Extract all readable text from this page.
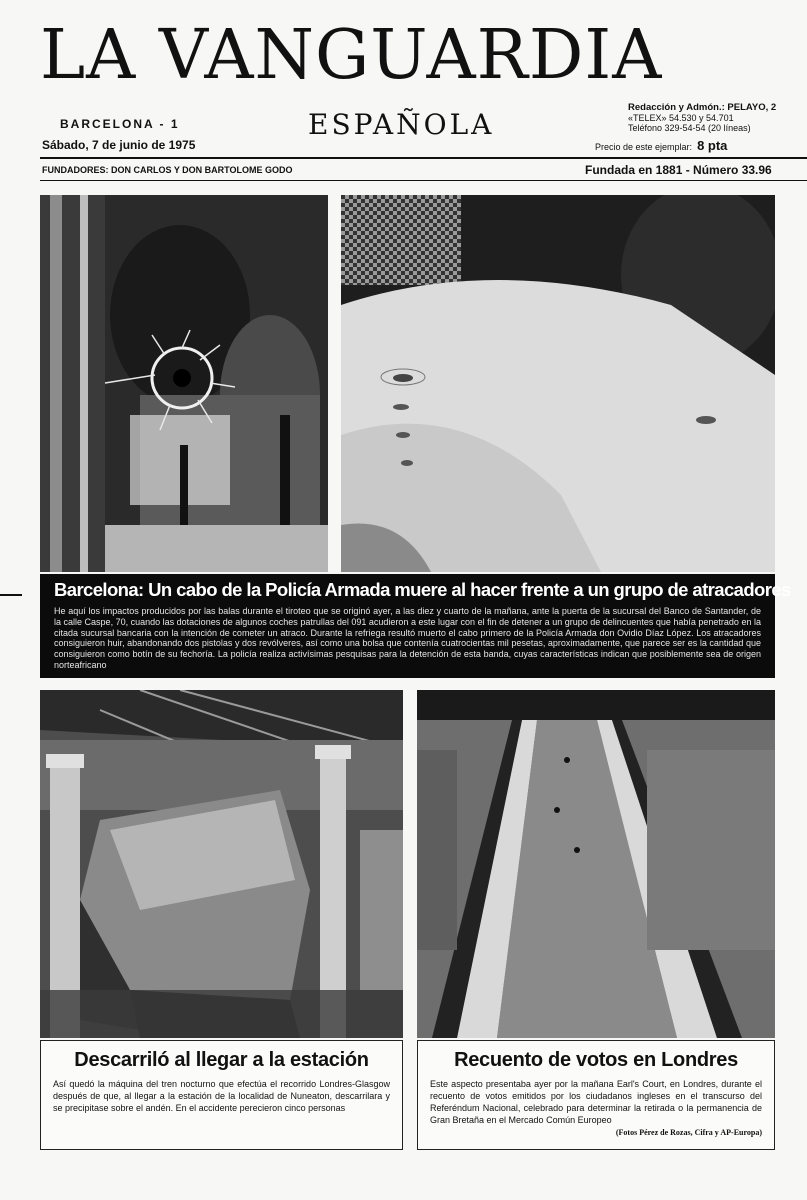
LA VANGUARDIA
ESPAÑOLA
BARCELONA - 1
Sábado, 7 de junio de 1975
Redacción y Admón.: PELAYO, 2
«TELEX» 54.530 y 54.701
Teléfono 329-54-54 (20 líneas)
Precio de este ejemplar: 8 pta
FUNDADORES: DON CARLOS Y DON BARTOLOME GODO	Fundada en 1881 - Número 33.96
Barcelona: Un cabo de la Policía Armada muere al hacer frente a un grupo de atracadores
He aquí los impactos producidos por las balas durante el tiroteo que se originó ayer, a las diez y cuarto de la mañana, ante la puerta de la sucursal del Banco de Santander, de la calle Caspe, 70, cuando las dotaciones de algunos coches patrullas del 091 acudieron a este lugar con el fin de detener a un grupo de delincuentes que había penetrado en la citada sucursal bancaria con la intención de cometer un atraco. Durante la refriega resultó muerto el cabo primero de la Policía Armada don Ovidio Díaz López. Los atracadores consiguieron huir, abandonando dos pistolas y dos revólveres, así como una bolsa que contenía cuatrocientas mil pesetas, aproximadamente, que parece ser es la cantidad que consiguieron como botín de su fechoría. La policía realiza activísimas pesquisas para la detención de esta banda, cuyas características indican que posiblemente sea de origen norteafricano
Descarriló al llegar a la estación
Así quedó la máquina del tren nocturno que efectúa el recorrido Londres-Glasgow después de que, al llegar a la estación de la localidad de Nuneaton, descarrilara y se precipitase sobre el andén. En el accidente perecieron cinco personas
Recuento de votos en Londres
Este aspecto presentaba ayer por la mañana Earl's Court, en Londres, durante el recuento de votos emitidos por los ciudadanos ingleses en el transcurso del Referéndum Nacional, celebrado para determinar la retirada o la permanencia de Gran Bretaña en el Mercado Común Europeo
(Fotos Pérez de Rozas, Cifra y AP-Europa)
